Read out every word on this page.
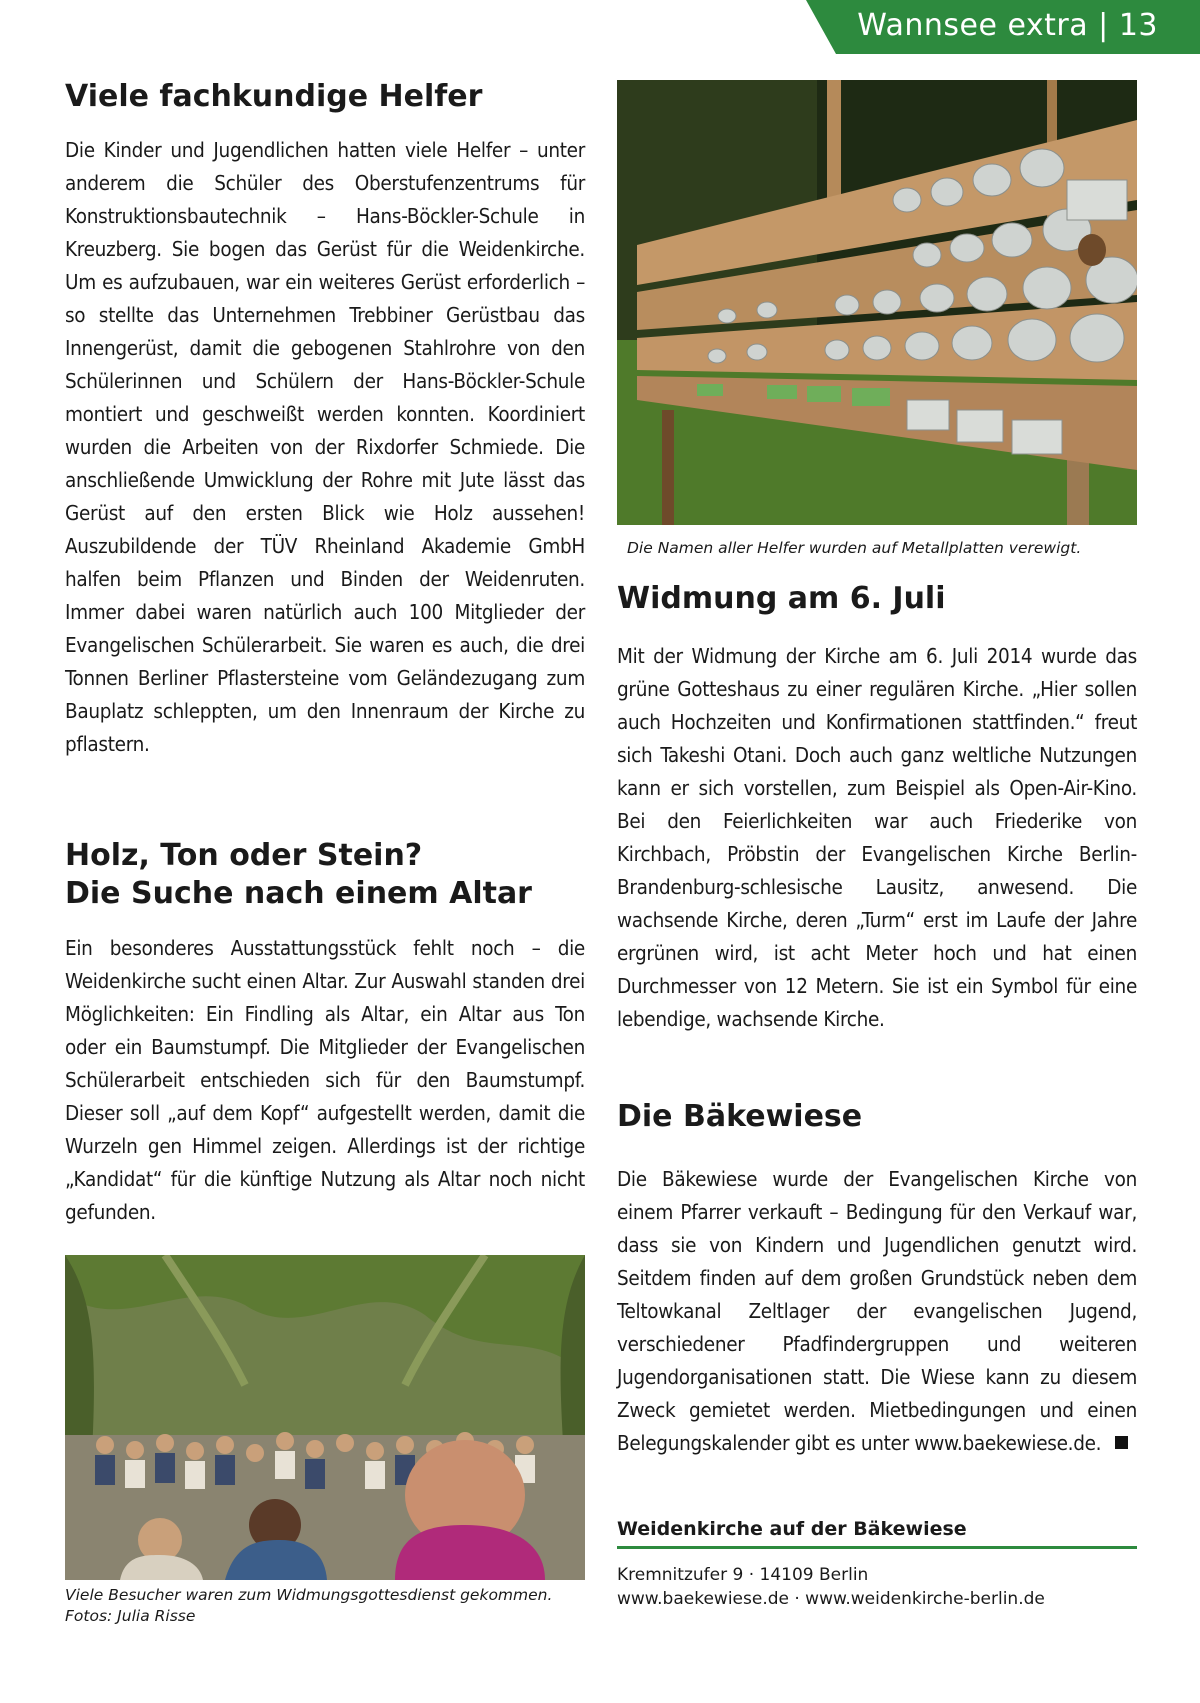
Wannsee extra | 13
Viele fachkundige Helfer

Die Kinder und Jugendlichen hatten viele Helfer – unter anderem die Schüler des Oberstufenzentrums für Konstruktionsbautechnik – Hans-Böckler-Schule in Kreuzberg. Sie bogen das Gerüst für die Weidenkirche. Um es aufzubauen, war ein weiteres Gerüst erforderlich – so stellte das Unternehmen Trebbiner Gerüstbau das Innengerüst, damit die gebogenen Stahlrohre von den Schülerinnen und Schülern der Hans-Böckler-Schule montiert und geschweißt werden konnten. Koordiniert wurden die Arbeiten von der Rixdorfer Schmiede. Die anschließende Umwicklung der Rohre mit Jute lässt das Gerüst auf den ersten Blick wie Holz aussehen! Auszubildende der TÜV Rheinland Akademie GmbH halfen beim Pflanzen und Binden der Weidenruten. Immer dabei waren natürlich auch 100 Mitglieder der Evangelischen Schülerarbeit. Sie waren es auch, die drei Tonnen Berliner Pflastersteine vom Geländezugang zum Bauplatz schleppten, um den Innenraum der Kirche zu pflastern.

Holz, Ton oder Stein?
Die Suche nach einem Altar

Ein besonderes Ausstattungsstück fehlt noch – die Weidenkirche sucht einen Altar. Zur Auswahl standen drei Möglichkeiten: Ein Findling als Altar, ein Altar aus Ton oder ein Baumstumpf. Die Mitglieder der Evangelischen Schülerarbeit entschieden sich für den Baumstumpf. Dieser soll „auf dem Kopf“ aufgestellt werden, damit die Wurzeln gen Himmel zeigen. Allerdings ist der richtige „Kandidat“ für die künftige Nutzung als Altar noch nicht gefunden.

Viele Besucher waren zum Widmungsgottesdienst gekommen.
Fotos: Julia Risse
Die Namen aller Helfer wurden auf Metallplatten verewigt.
Widmung am 6. Juli

Mit der Widmung der Kirche am 6. Juli 2014 wurde das grüne Gotteshaus zu einer regulären Kirche. „Hier sollen auch Hochzeiten und Konfirmationen stattfinden.“ freut sich Takeshi Otani. Doch auch ganz weltliche Nutzungen kann er sich vorstellen, zum Beispiel als Open-Air-Kino. Bei den Feierlichkeiten war auch Friederike von Kirchbach, Pröbstin der Evangelischen Kirche Berlin-Brandenburg-schlesische Lausitz, anwesend. Die wachsende Kirche, deren „Turm“ erst im Laufe der Jahre ergrünen wird, ist acht Meter hoch und hat einen Durchmesser von 12 Metern. Sie ist ein Symbol für eine lebendige, wachsende Kirche.

Die Bäkewiese

Die Bäkewiese wurde der Evangelischen Kirche von einem Pfarrer verkauft – Bedingung für den Verkauf war, dass sie von Kindern und Jugendlichen genutzt wird. Seitdem finden auf dem großen Grundstück neben dem Teltowkanal Zeltlager der evangelischen Jugend, verschiedener Pfadfindergruppen und weiteren Jugendorganisationen statt. Die Wiese kann zu diesem Zweck gemietet werden. Mietbedingungen und einen Belegungskalender gibt es unter www.baekewiese.de.

Weidenkirche auf der Bäkewiese
Kremnitzufer 9 · 14109 Berlin
www.baekewiese.de · www.weidenkirche-berlin.de
